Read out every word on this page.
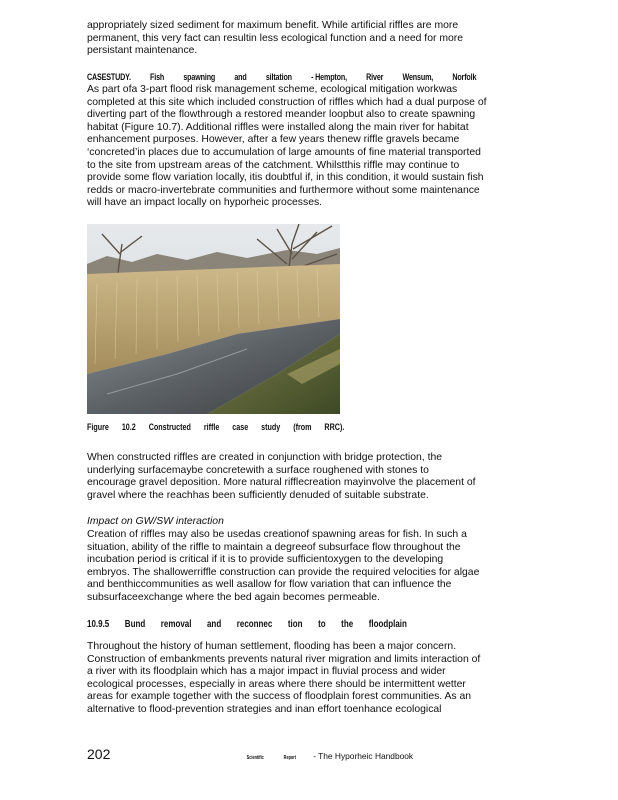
appropriately sized sediment for maximum benefit. While artificial riffles are more

permanent, this very fact can resultin less ecological function and a need for more

persistant maintenance.

CASESTUDY. Fish spawning and siltation - Hempton, River Wensum, Norfolk

As part ofa 3-part flood risk management scheme, ecological mitigation workwas

completed at this site which included construction of riffles which had a dual purpose of

diverting part of the flowthrough a restored meander loopbut also to create spawning

habitat (Figure 10.7). Additional riffles were installed along the main river for habitat

enhancement purposes. However, after a few years thenew riffle gravels became

‘concreted’in places due to accumulation of large amounts of fine material transported

to the site from upstream areas of the catchment. Whilstthis riffle may continue to

provide some flow variation locally, itis doubtful if, in this condition, it would sustain fish

redds or macro-invertebrate communities and furthermore without some maintenance

will have an impact locally on hyporheic processes.

Figure 10.2 Constructed riffle case study (from RRC).

When constructed riffles are created in conjunction with bridge protection, the

underlying surfacemaybe concretewith a surface roughened with stones to

encourage gravel deposition. More natural rifflecreation mayinvolve the placement of

gravel where the reachhas been sufficiently denuded of suitable substrate.

Impact on GW/SW interaction

Creation of riffles may also be usedas creationof spawning areas for fish. In such a

situation, ability of the riffle to maintain a degreeof subsurface flow throughout the

incubation period is critical if it is to provide sufficientoxygen to the developing

embryos. The shallowerriffle construction can provide the required velocities for algae

and benthiccommunities as well asallow for flow variation that can influence the

subsurfaceexchange where the bed again becomes permeable.

10.9.5 Bund removal and reconnec tion to the floodplain

Throughout the history of human settlement, flooding has been a major concern.

Construction of embankments prevents natural river migration and limits interaction of

a river with its floodplain which has a major impact in fluvial process and wider

ecological processes, especially in areas where there should be intermittent wetter

areas for example together with the success of floodplain forest communities. As an

alternative to flood-prevention strategies and inan effort toenhance ecological

202	Scientific	Report - The Hyporheic Handbook
